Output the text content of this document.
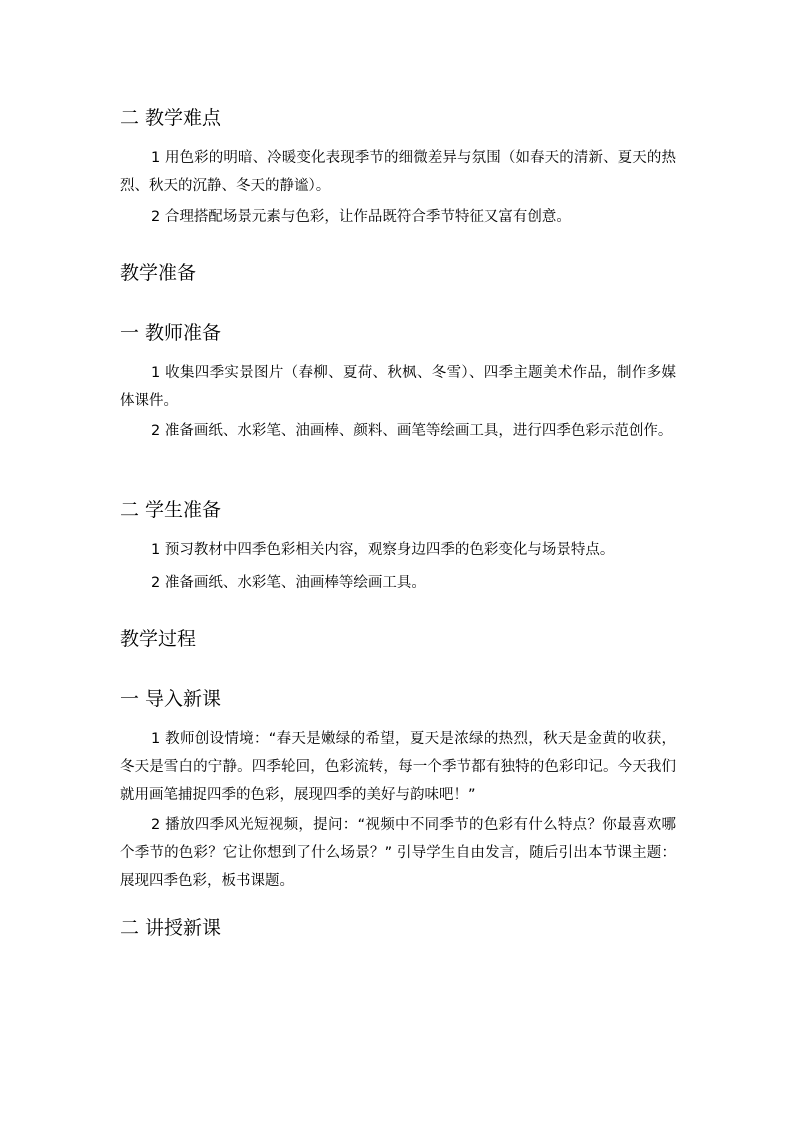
二 教学难点
1 用色彩的明暗、冷暖变化表现季节的细微差异与氛围（如春天的清新、夏天的热烈、秋天的沉静、冬天的静谧）。
2 合理搭配场景元素与色彩，让作品既符合季节特征又富有创意。
教学准备
一 教师准备
1 收集四季实景图片（春柳、夏荷、秋枫、冬雪）、四季主题美术作品，制作多媒体课件。
2 准备画纸、水彩笔、油画棒、颜料、画笔等绘画工具，进行四季色彩示范创作。
二 学生准备
1 预习教材中四季色彩相关内容，观察身边四季的色彩变化与场景特点。
2 准备画纸、水彩笔、油画棒等绘画工具。
教学过程
一 导入新课
1 教师创设情境：“春天是嫩绿的希望，夏天是浓绿的热烈，秋天是金黄的收获，冬天是雪白的宁静。四季轮回，色彩流转，每一个季节都有独特的色彩印记。今天我们就用画笔捕捉四季的色彩，展现四季的美好与韵味吧！”
2 播放四季风光短视频，提问：“视频中不同季节的色彩有什么特点？你最喜欢哪个季节的色彩？它让你想到了什么场景？” 引导学生自由发言，随后引出本节课主题：展现四季色彩，板书课题。
二 讲授新课
